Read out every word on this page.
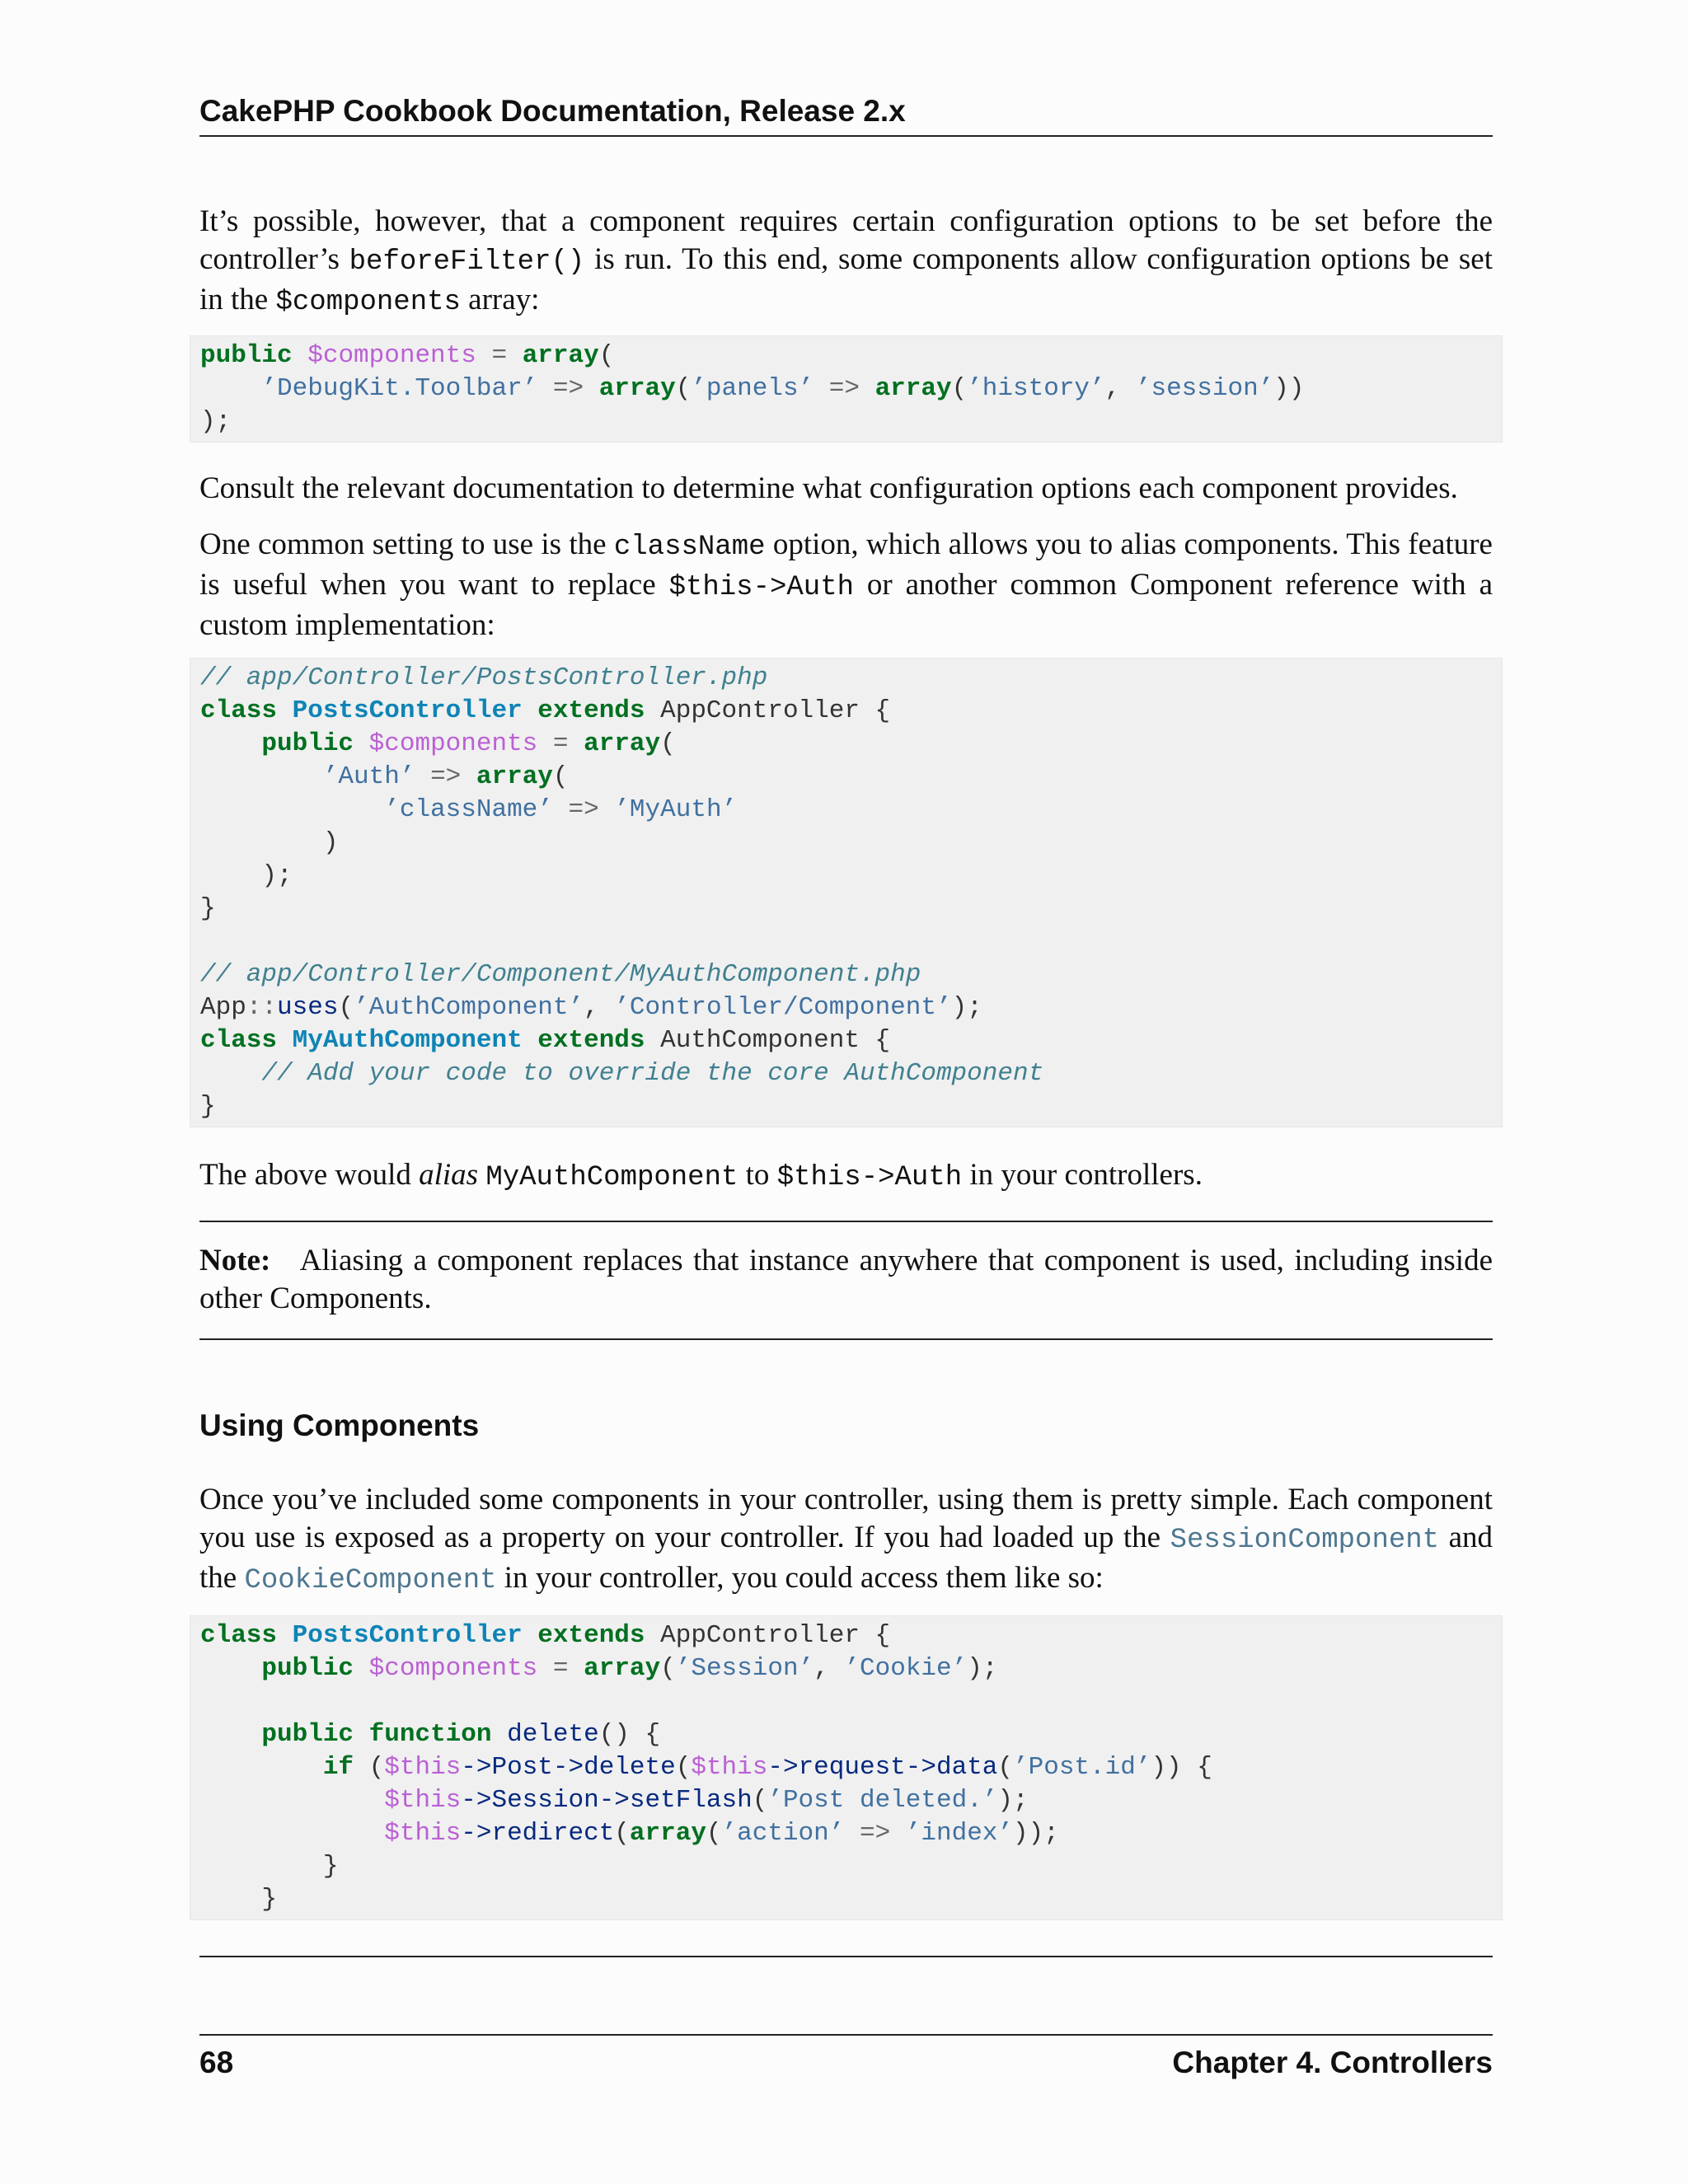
CakePHP Cookbook Documentation, Release 2.x

It’s possible, however, that a component requires certain configuration options to be set before the controller’s beforeFilter() is run. To this end, some components allow configuration options be set in the $components array:

public $components = array(
’DebugKit.Toolbar’ => array(’panels’ => array(’history’, ’session’))
);

Consult the relevant documentation to determine what configuration options each component provides.

One common setting to use is the className option, which allows you to alias components. This feature is useful when you want to replace $this->Auth or another common Component reference with a custom implementation:

// app/Controller/PostsController.php
class PostsController extends AppController {
public $components = array(
’Auth’ => array(
’className’ => ’MyAuth’
)
);
}

// app/Controller/Component/MyAuthComponent.php
App::uses(’AuthComponent’, ’Controller/Component’);
class MyAuthComponent extends AuthComponent {
// Add your code to override the core AuthComponent
}

The above would alias MyAuthComponent to $this->Auth in your controllers.

Note: Aliasing a component replaces that instance anywhere that component is used, including inside other Components.

Using Components

Once you’ve included some components in your controller, using them is pretty simple. Each component you use is exposed as a property on your controller. If you had loaded up the SessionComponent and the CookieComponent in your controller, you could access them like so:

class PostsController extends AppController {
public $components = array(’Session’, ’Cookie’);

public function delete() {
if ($this->Post->delete($this->request->data(’Post.id’)) {
$this->Session->setFlash(’Post deleted.’);
$this->redirect(array(’action’ => ’index’));
}
}
68	Chapter 4. Controllers
